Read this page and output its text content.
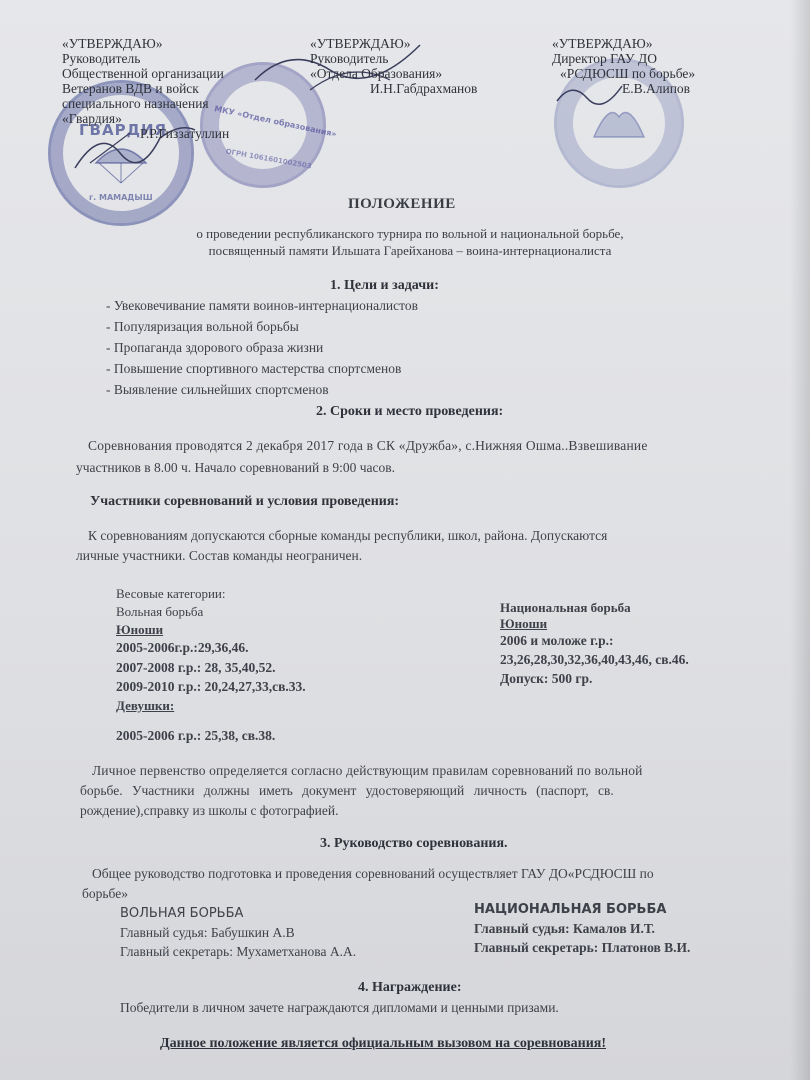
ГВАРДИЯ
г. МАМАДЫШ
МКУ «Отдел образования»
ОГРН 1061601002503
«УТВЕРЖДАЮ»
Руководитель
Общественной организации
Ветеранов ВДВ и войск
специального назначения
«Гвардия»
Р.Р.Гиззатуллин
«УТВЕРЖДАЮ»
Руководитель
«Отдела Образования»
И.Н.Габдрахманов
«УТВЕРЖДАЮ»
Директор ГАУ ДО
«РСДЮСШ по борьбе»
Е.В.Алипов
ПОЛОЖЕНИЕ
о проведении республиканского турнира по вольной и национальной борьбе,
посвященный памяти Ильшата Гарейханова – воина-интернационалиста
1. Цели и задачи:
- Увековечивание памяти воинов-интернационалистов
- Популяризация вольной борьбы
- Пропаганда здорового образа жизни
- Повышение спортивного мастерства спортсменов
- Выявление сильнейших спортсменов
2. Сроки и место проведения:
Соревнования проводятся 2 декабря 2017 года в СК «Дружба», с.Нижняя Ошма..Взвешивание
участников в 8.00 ч. Начало соревнований в 9:00 часов.
Участники соревнований и условия проведения:
К соревнованиям допускаются сборные команды республики, школ, района. Допускаются
личные участники. Состав команды неограничен.
Весовые категории:
Вольная борьба
Юноши
2005-2006г.р.:29,36,46.
2007-2008 г.р.: 28, 35,40,52.
2009-2010 г.р.: 20,24,27,33,св.33.
Девушки:
2005-2006 г.р.: 25,38, св.38.
Национальная борьба
Юноши
2006 и моложе г.р.:
23,26,28,30,32,36,40,43,46, св.46.
Допуск: 500 гр.
Личное первенство определяется согласно действующим правилам соревнований по вольной
борьбе. Участники должны иметь документ удостоверяющий личность (паспорт, св.
рождение),справку из школы с фотографией.
3. Руководство соревнования.
Общее руководство подготовка и проведения соревнований осуществляет ГАУ ДО«РСДЮСШ по
борьбе»
ВОЛЬНАЯ БОРЬБА
Главный судья: Бабушкин А.В
Главный секретарь: Мухаметханова А.А.
НАЦИОНАЛЬНАЯ БОРЬБА
Главный судья: Камалов И.Т.
Главный секретарь: Платонов В.И.
4. Награждение:
Победители в личном зачете награждаются дипломами и ценными призами.
Данное положение является официальным вызовом на соревнования!
